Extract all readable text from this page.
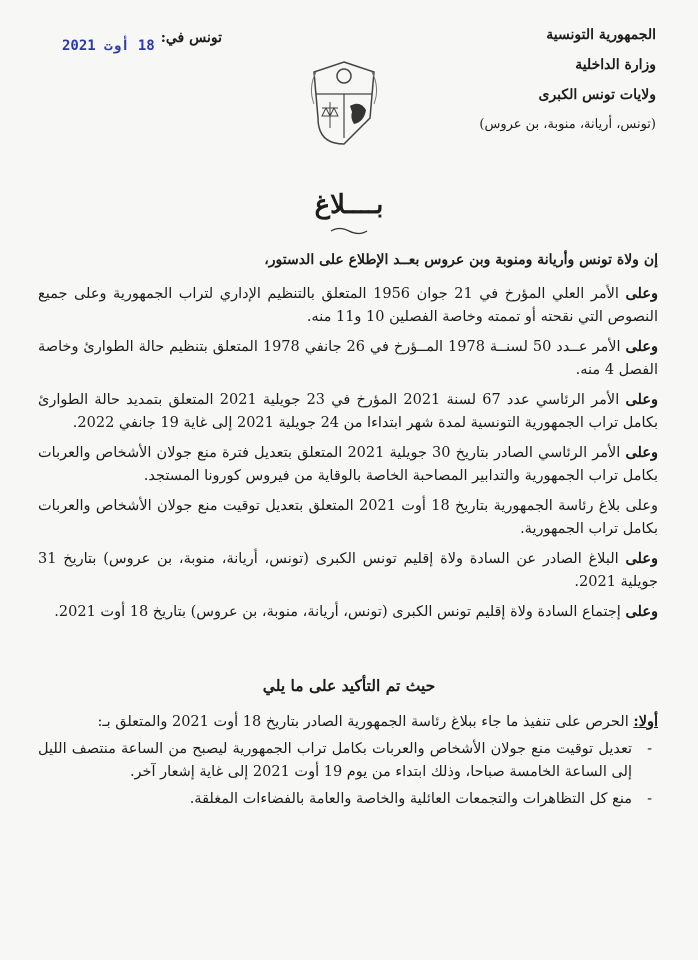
الجمهورية التونسية
وزارة الداخلية
ولايات تونس الكبرى
(تونس، أريانة، منوبة، بن عروس)
تونس في:
18 أوت 2021
بــــلاغ
إن ولاة تونس وأريانة ومنوبة وبن عروس بعــد الإطلاع على الدستور،

وعلى الأمر العلي المؤرخ في 21 جوان 1956 المتعلق بالتنظيم الإداري لتراب الجمهورية وعلى جميع النصوص التي نقحته أو تممته وخاصة الفصلين 10 و11 منه.

وعلى الأمر عــدد 50 لسنــة 1978 المــؤرخ في 26 جانفي 1978 المتعلق بتنظيم حالة الطوارئ وخاصة الفصل 4 منه.

وعلى الأمر الرئاسي عدد 67 لسنة 2021 المؤرخ في 23 جويلية 2021 المتعلق بتمديد حالة الطوارئ بكامل تراب الجمهورية التونسية لمدة شهر ابتداءا من 24 جويلية 2021 إلى غاية 19 جانفي 2022.

وعلى الأمر الرئاسي الصادر بتاريخ 30 جويلية 2021 المتعلق بتعديل فترة منع جولان الأشخاص والعربات بكامل تراب الجمهورية والتدابير المصاحبة الخاصة بالوقاية من فيروس كورونا المستجد.

وعلى بلاغ رئاسة الجمهورية بتاريخ 18 أوت 2021 المتعلق بتعديل توقيت منع جولان الأشخاص والعربات بكامل تراب الجمهورية.

وعلى البلاغ الصادر عن السادة ولاة إقليم تونس الكبرى (تونس، أريانة، منوبة، بن عروس) بتاريخ 31 جويلية 2021.

وعلى إجتماع السادة ولاة إقليم تونس الكبرى (تونس، أريانة، منوبة، بن عروس) بتاريخ 18 أوت 2021.

حيث تم التأكيد على ما يلي
أولا: الحرص على تنفيذ ما جاء ببلاغ رئاسة الجمهورية الصادر بتاريخ 18 أوت 2021 والمتعلق بـ:
- تعديل توقيت منع جولان الأشخاص والعربات بكامل تراب الجمهورية ليصبح من الساعة منتصف الليل إلى الساعة الخامسة صباحا، وذلك ابتداء من يوم 19 أوت 2021 إلى غاية إشعار آخر.
- منع كل التظاهرات والتجمعات العائلية والخاصة والعامة بالفضاءات المغلقة.
